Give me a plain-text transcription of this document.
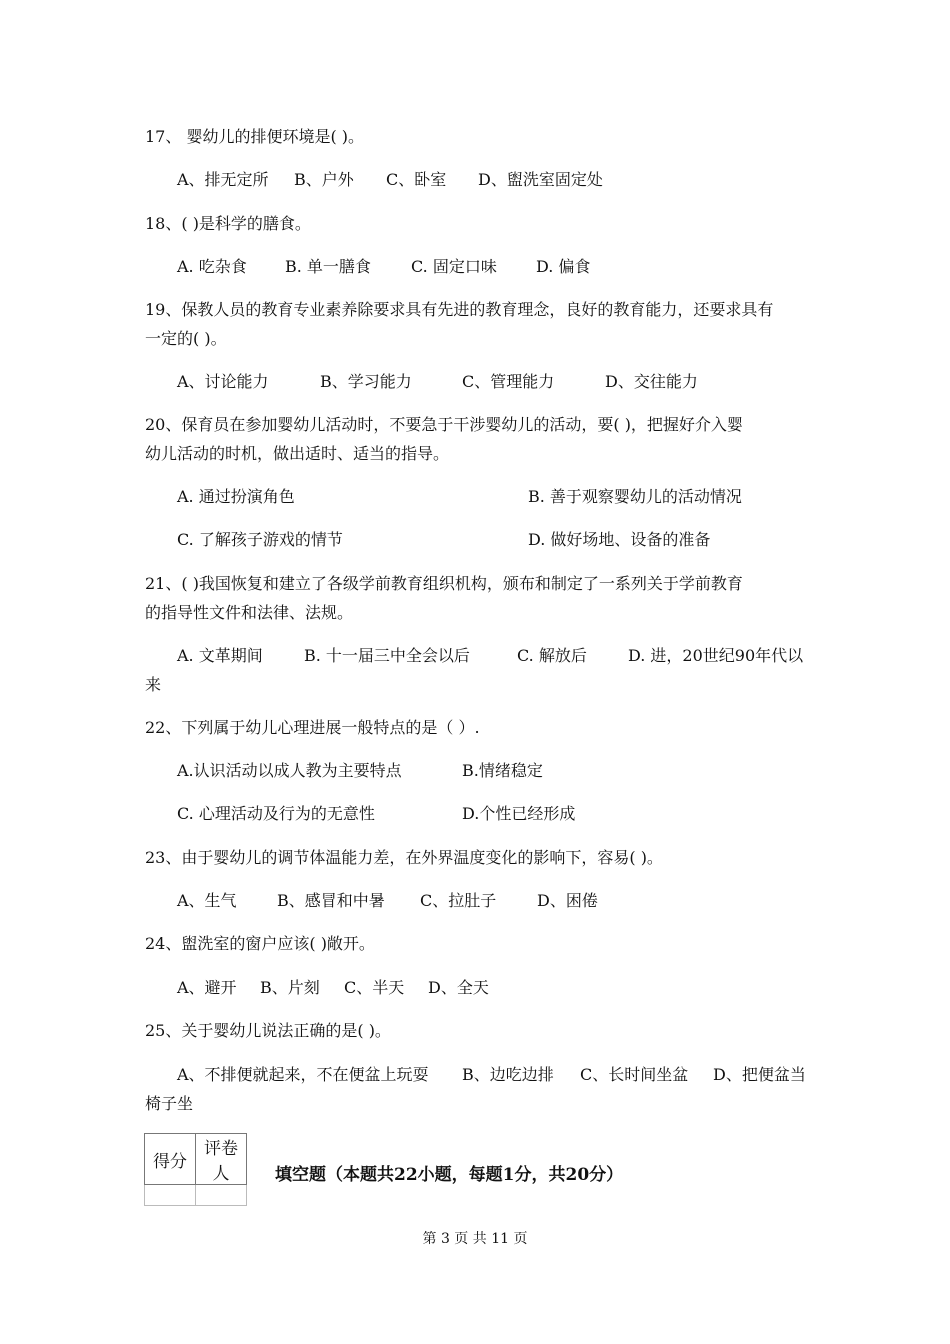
17、 婴幼儿的排便环境是( )。
A、排无定所 B、户外 C、卧室 D、盥洗室固定处
18、( )是科学的膳食。
A. 吃杂食 B. 单一膳食	C. 固定口味 D. 偏食
19、保教人员的教育专业素养除要求具有先进的教育理念，良好的教育能力，还要求具有
一定的( )。
A、讨论能力	B、学习能力	C、管理能力	D、交往能力
20、保育员在参加婴幼儿活动时，不要急于干涉婴幼儿的活动，要( )，把握好介入婴
幼儿活动的时机，做出适时、适当的指导。
A. 通过扮演角色	B. 善于观察婴幼儿的活动情况
C. 了解孩子游戏的情节	D. 做好场地、设备的准备
21、( )我国恢复和建立了各级学前教育组织机构，颁布和制定了一系列关于学前教育
的指导性文件和法律、法规。
A. 文革期间	B. 十一届三中全会以后	C. 解放后	D. 进，20世纪90年代以
来
22、下列属于幼儿心理进展一般特点的是（ ）.
A.认识活动以成人教为主要特点	B.情绪稳定
C. 心理活动及行为的无意性	D.个性已经形成
23、由于婴幼儿的调节体温能力差，在外界温度变化的影响下，容易( )。
A、生气	B、感冒和中暑 C、拉肚子	D、困倦
24、盥洗室的窗户应该( )敞开。
A、避开 B、片刻 C、半天 D、全天
25、关于婴幼儿说法正确的是( )。
A、不排便就起来，不在便盆上玩耍 B、边吃边排 C、长时间坐盆 D、把便盆当
椅子坐
得分	评卷人
		填空题（本题共22小题，每题1分，共20分）
第 3 页 共 11 页
